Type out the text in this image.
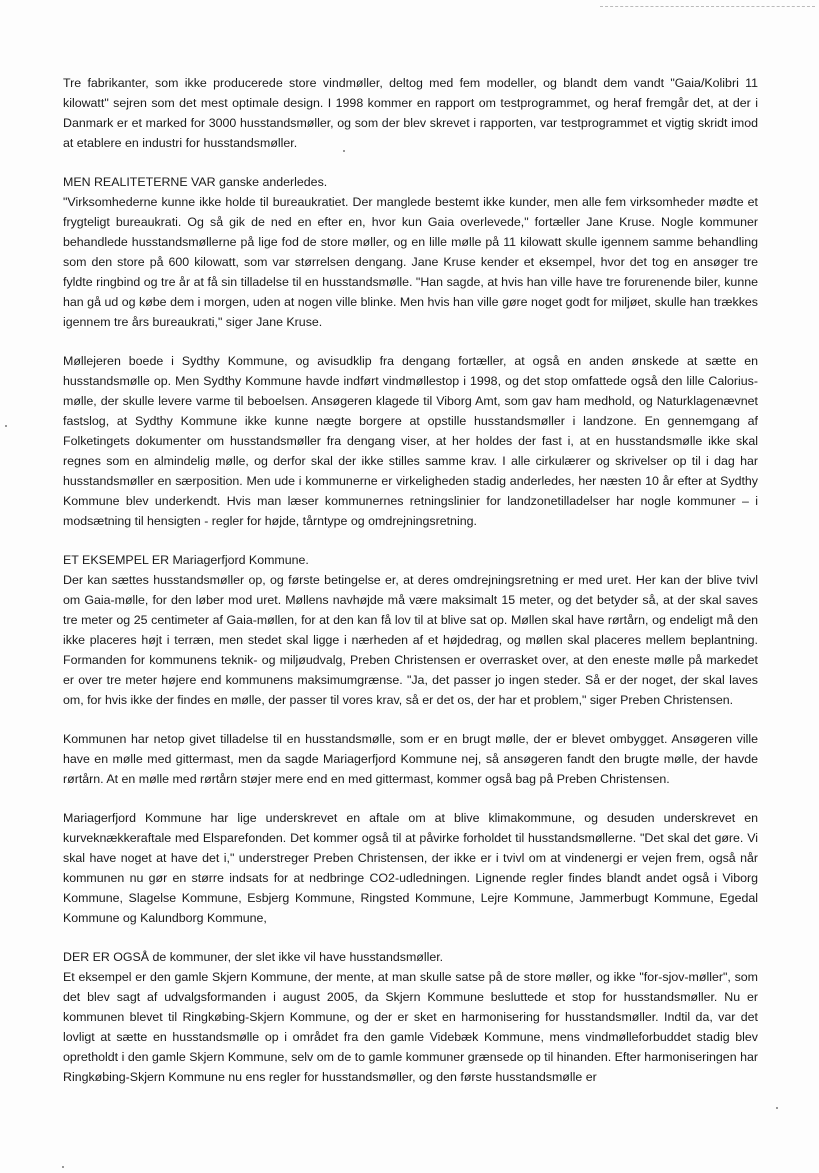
Tre fabrikanter, som ikke producerede store vindmøller, deltog med fem modeller, og blandt dem vandt "Gaia/Kolibri 11 kilowatt" sejren som det mest optimale design. I 1998 kommer en rapport om testprogrammet, og heraf fremgår det, at der i Danmark er et marked for 3000 husstandsmøller, og som der blev skrevet i rapporten, var testprogrammet et vigtig skridt imod at etablere en industri for husstandsmøller.

MEN REALITETERNE VAR ganske anderledes.
"Virksomhederne kunne ikke holde til bureaukratiet. Der manglede bestemt ikke kunder, men alle fem virksomheder mødte et frygteligt bureaukrati. Og så gik de ned en efter en, hvor kun Gaia overlevede," fortæller Jane Kruse. Nogle kommuner behandlede husstandsmøllerne på lige fod de store møller, og en lille mølle på 11 kilowatt skulle igennem samme behandling som den store på 600 kilowatt, som var størrelsen dengang. Jane Kruse kender et eksempel, hvor det tog en ansøger tre fyldte ringbind og tre år at få sin tilladelse til en husstandsmølle. "Han sagde, at hvis han ville have tre forurenende biler, kunne han gå ud og købe dem i morgen, uden at nogen ville blinke. Men hvis han ville gøre noget godt for miljøet, skulle han trækkes igennem tre års bureaukrati," siger Jane Kruse.

Møllejeren boede i Sydthy Kommune, og avisudklip fra dengang fortæller, at også en anden ønskede at sætte en husstandsmølle op. Men Sydthy Kommune havde indført vindmøllestop i 1998, og det stop omfattede også den lille Calorius-mølle, der skulle levere varme til beboelsen. Ansøgeren klagede til Viborg Amt, som gav ham medhold, og Naturklagenævnet fastslog, at Sydthy Kommune ikke kunne nægte borgere at opstille husstandsmøller i landzone. En gennemgang af Folketingets dokumenter om husstandsmøller fra dengang viser, at her holdes der fast i, at en husstandsmølle ikke skal regnes som en almindelig mølle, og derfor skal der ikke stilles samme krav. I alle cirkulærer og skrivelser op til i dag har husstandsmøller en særposition. Men ude i kommunerne er virkeligheden stadig anderledes, her næsten 10 år efter at Sydthy Kommune blev underkendt. Hvis man læser kommunernes retningslinier for landzonetilladelser har nogle kommuner – i modsætning til hensigten - regler for højde, tårntype og omdrejningsretning.

ET EKSEMPEL ER Mariagerfjord Kommune.
Der kan sættes husstandsmøller op, og første betingelse er, at deres omdrejningsretning er med uret. Her kan der blive tvivl om Gaia-mølle, for den løber mod uret. Møllens navhøjde må være maksimalt 15 meter, og det betyder så, at der skal saves tre meter og 25 centimeter af Gaia-møllen, for at den kan få lov til at blive sat op. Møllen skal have rørtårn, og endeligt må den ikke placeres højt i terræn, men stedet skal ligge i nærheden af et højdedrag, og møllen skal placeres mellem beplantning. Formanden for kommunens teknik- og miljøudvalg, Preben Christensen er overrasket over, at den eneste mølle på markedet er over tre meter højere end kommunens maksimumgrænse. "Ja, det passer jo ingen steder. Så er der noget, der skal laves om, for hvis ikke der findes en mølle, der passer til vores krav, så er det os, der har et problem," siger Preben Christensen.

Kommunen har netop givet tilladelse til en husstandsmølle, som er en brugt mølle, der er blevet ombygget. Ansøgeren ville have en mølle med gittermast, men da sagde Mariagerfjord Kommune nej, så ansøgeren fandt den brugte mølle, der havde rørtårn. At en mølle med rørtårn støjer mere end en med gittermast, kommer også bag på Preben Christensen.

Mariagerfjord Kommune har lige underskrevet en aftale om at blive klimakommune, og desuden underskrevet en kurveknækkeraftale med Elsparefonden. Det kommer også til at påvirke forholdet til husstandsmøllerne. "Det skal det gøre. Vi skal have noget at have det i," understreger Preben Christensen, der ikke er i tvivl om at vindenergi er vejen frem, også når kommunen nu gør en større indsats for at nedbringe CO2-udledningen. Lignende regler findes blandt andet også i Viborg Kommune, Slagelse Kommune, Esbjerg Kommune, Ringsted Kommune, Lejre Kommune, Jammerbugt Kommune, Egedal Kommune og Kalundborg Kommune,

DER ER OGSÅ de kommuner, der slet ikke vil have husstandsmøller.
Et eksempel er den gamle Skjern Kommune, der mente, at man skulle satse på de store møller, og ikke "for-sjov-møller", som det blev sagt af udvalgsformanden i august 2005, da Skjern Kommune besluttede et stop for husstandsmøller. Nu er kommunen blevet til Ringkøbing-Skjern Kommune, og der er sket en harmonisering for husstandsmøller. Indtil da, var det lovligt at sætte en husstandsmølle op i området fra den gamle Videbæk Kommune, mens vindmølleforbuddet stadig blev opretholdt i den gamle Skjern Kommune, selv om de to gamle kommuner grænsede op til hinanden. Efter harmoniseringen har Ringkøbing-Skjern Kommune nu ens regler for husstandsmøller, og den første husstandsmølle er
